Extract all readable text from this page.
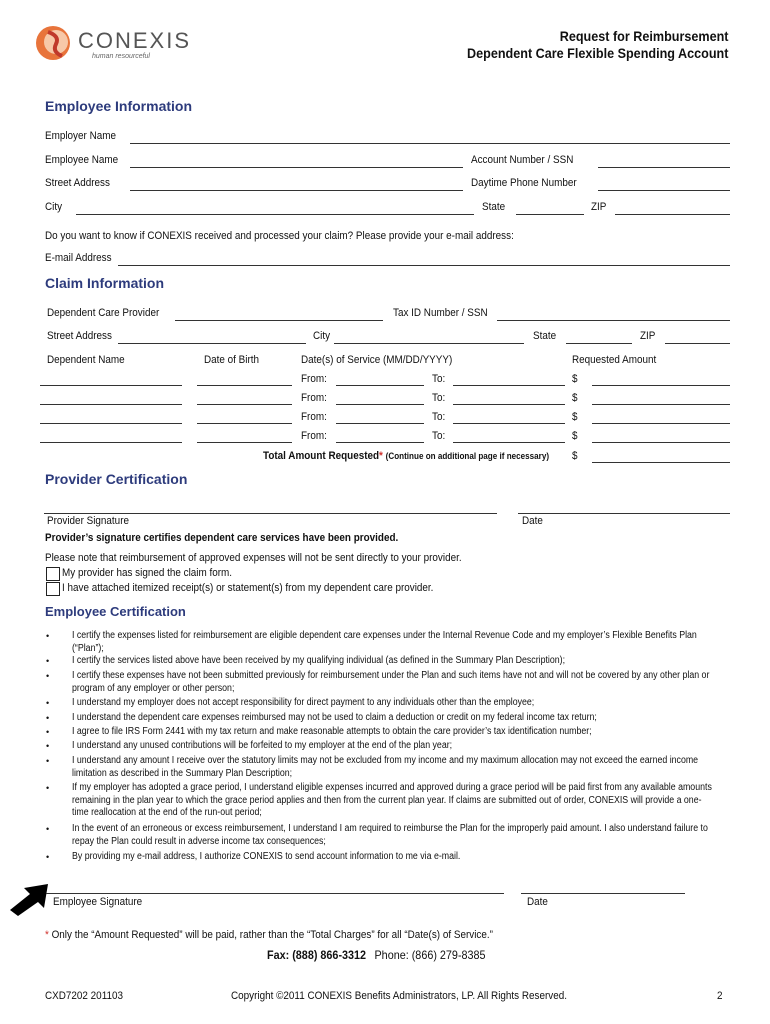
CONEXIS
human resourceful
Request for Reimbursement
Dependent Care Flexible Spending Account
Employee Information
Employer Name
Employee Name	Account Number / SSN
Street Address	Daytime Phone Number
City	State	ZIP
Do you want to know if CONEXIS received and processed your claim? Please provide your e-mail address:
E-mail Address
Claim Information
Dependent Care Provider	Tax ID Number / SSN
Street Address	City	State	ZIP
Dependent Name	Date of Birth	Date(s) of Service (MM/DD/YYYY)	Requested Amount
From:	To:	$
From:	To:	$
From:	To:	$
From:	To:	$
Total Amount Requested* (Continue on additional page if necessary) $
Provider Certification
Provider Signature	Date
Provider’s signature certifies dependent care services have been provided.
Please note that reimbursement of approved expenses will not be sent directly to your provider.
My provider has signed the claim form.
I have attached itemized receipt(s) or statement(s) from my dependent care provider.
Employee Certification
• I certify the expenses listed for reimbursement are eligible dependent care expenses under the Internal Revenue Code and my employer’s Flexible Benefits Plan (“Plan”);
• I certify the services listed above have been received by my qualifying individual (as defined in the Summary Plan Description);
• I certify these expenses have not been submitted previously for reimbursement under the Plan and such items have not and will not be covered by any other plan or program of any employer or other person;
• I understand my employer does not accept responsibility for direct payment to any individuals other than the employee;
• I understand the dependent care expenses reimbursed may not be used to claim a deduction or credit on my federal income tax return;
• I agree to file IRS Form 2441 with my tax return and make reasonable attempts to obtain the care provider’s tax identification number;
• I understand any unused contributions will be forfeited to my employer at the end of the plan year;
• I understand any amount I receive over the statutory limits may not be excluded from my income and my maximum allocation may not exceed the earned income limitation as described in the Summary Plan Description;
• If my employer has adopted a grace period, I understand eligible expenses incurred and approved during a grace period will be paid first from any available amounts remaining in the plan year to which the grace period applies and then from the current plan year. If claims are submitted out of order, CONEXIS will provide a one-time reallocation at the end of the run-out period;
• In the event of an erroneous or excess reimbursement, I understand I am required to reimburse the Plan for the improperly paid amount. I also understand failure to repay the Plan could result in adverse income tax consequences;
• By providing my e-mail address, I authorize CONEXIS to send account information to me via e-mail.
Employee Signature	Date
* Only the “Amount Requested” will be paid, rather than the “Total Charges” for all “Date(s) of Service.”
Fax: (888) 866-3312 Phone: (866) 279-8385
CXD7202 201103	Copyright ©2011 CONEXIS Benefits Administrators, LP. All Rights Reserved.	2
